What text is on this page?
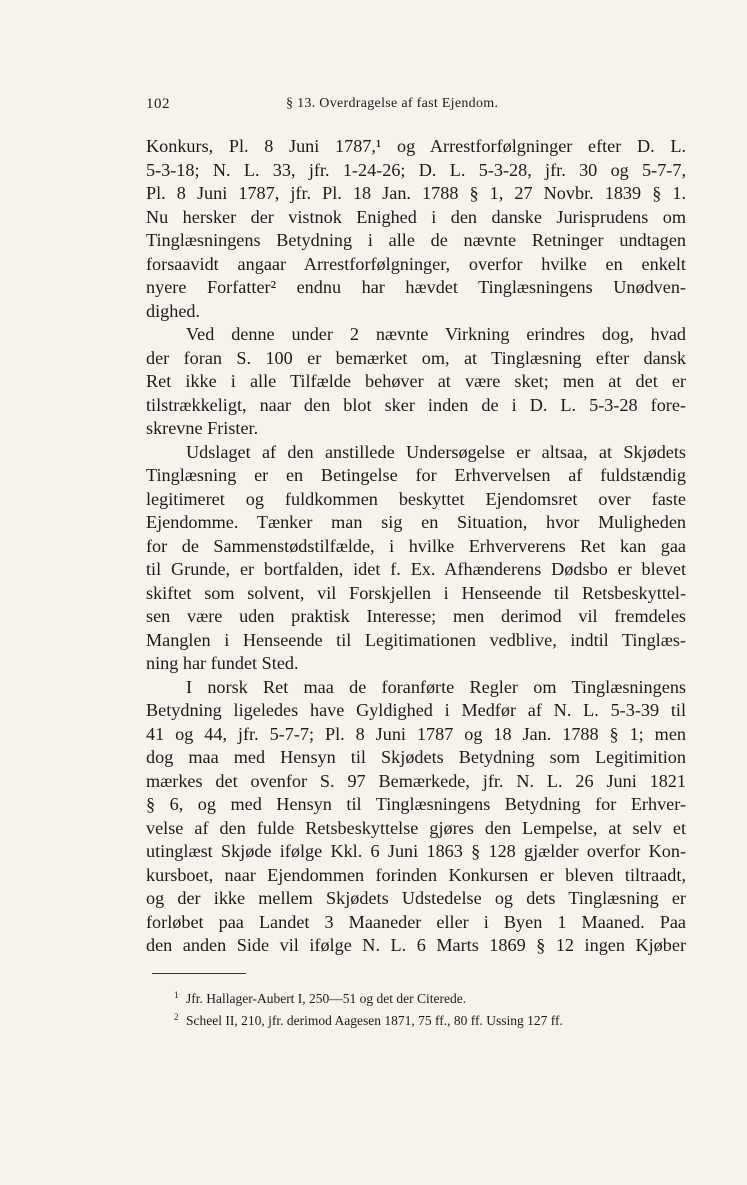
102	§ 13. Overdragelse af fast Ejendom.
Konkurs, Pl. 8 Juni 1787,¹ og Arrestforfølgninger efter D. L.
5-3-18; N. L. 33, jfr. 1-24-26; D. L. 5-3-28, jfr. 30 og 5-7-7,
Pl. 8 Juni 1787, jfr. Pl. 18 Jan. 1788 § 1, 27 Novbr. 1839 § 1.
Nu hersker der vistnok Enighed i den danske Jurisprudens om
Tinglæsningens Betydning i alle de nævnte Retninger undtagen
forsaavidt angaar Arrestforfølgninger, overfor hvilke en enkelt
nyere Forfatter² endnu har hævdet Tinglæsningens Unødven-
dighed.
Ved denne under 2 nævnte Virkning erindres dog, hvad
der foran S. 100 er bemærket om, at Tinglæsning efter dansk
Ret ikke i alle Tilfælde behøver at være sket; men at det er
tilstrækkeligt, naar den blot sker inden de i D. L. 5-3-28 fore-
skrevne Frister.
Udslaget af den anstillede Undersøgelse er altsaa, at Skjødets
Tinglæsning er en Betingelse for Erhvervelsen af fuldstændig
legitimeret og fuldkommen beskyttet Ejendomsret over faste
Ejendomme. Tænker man sig en Situation, hvor Muligheden
for de Sammenstødstilfælde, i hvilke Erhververens Ret kan gaa
til Grunde, er bortfalden, idet f. Ex. Afhænderens Dødsbo er blevet
skiftet som solvent, vil Forskjellen i Henseende til Retsbeskyttel-
sen være uden praktisk Interesse; men derimod vil fremdeles
Manglen i Henseende til Legitimationen vedblive, indtil Tinglæs-
ning har fundet Sted.
I norsk Ret maa de foranførte Regler om Tinglæsningens
Betydning ligeledes have Gyldighed i Medfør af N. L. 5-3-39 til
41 og 44, jfr. 5-7-7; Pl. 8 Juni 1787 og 18 Jan. 1788 § 1; men
dog maa med Hensyn til Skjødets Betydning som Legitimition
mærkes det ovenfor S. 97 Bemærkede, jfr. N. L. 26 Juni 1821
§ 6, og med Hensyn til Tinglæsningens Betydning for Erhver-
velse af den fulde Retsbeskyttelse gjøres den Lempelse, at selv et
utinglæst Skjøde ifølge Kkl. 6 Juni 1863 § 128 gjælder overfor Kon-
kursboet, naar Ejendommen forinden Konkursen er bleven tiltraadt,
og der ikke mellem Skjødets Udstedelse og dets Tinglæsning er
forløbet paa Landet 3 Maaneder eller i Byen 1 Maaned. Paa
den anden Side vil ifølge N. L. 6 Marts 1869 § 12 ingen Kjøber
1 Jfr. Hallager-Aubert I, 250—51 og det der Citerede.
2 Scheel II, 210, jfr. derimod Aagesen 1871, 75 ff., 80 ff. Ussing 127 ff.
